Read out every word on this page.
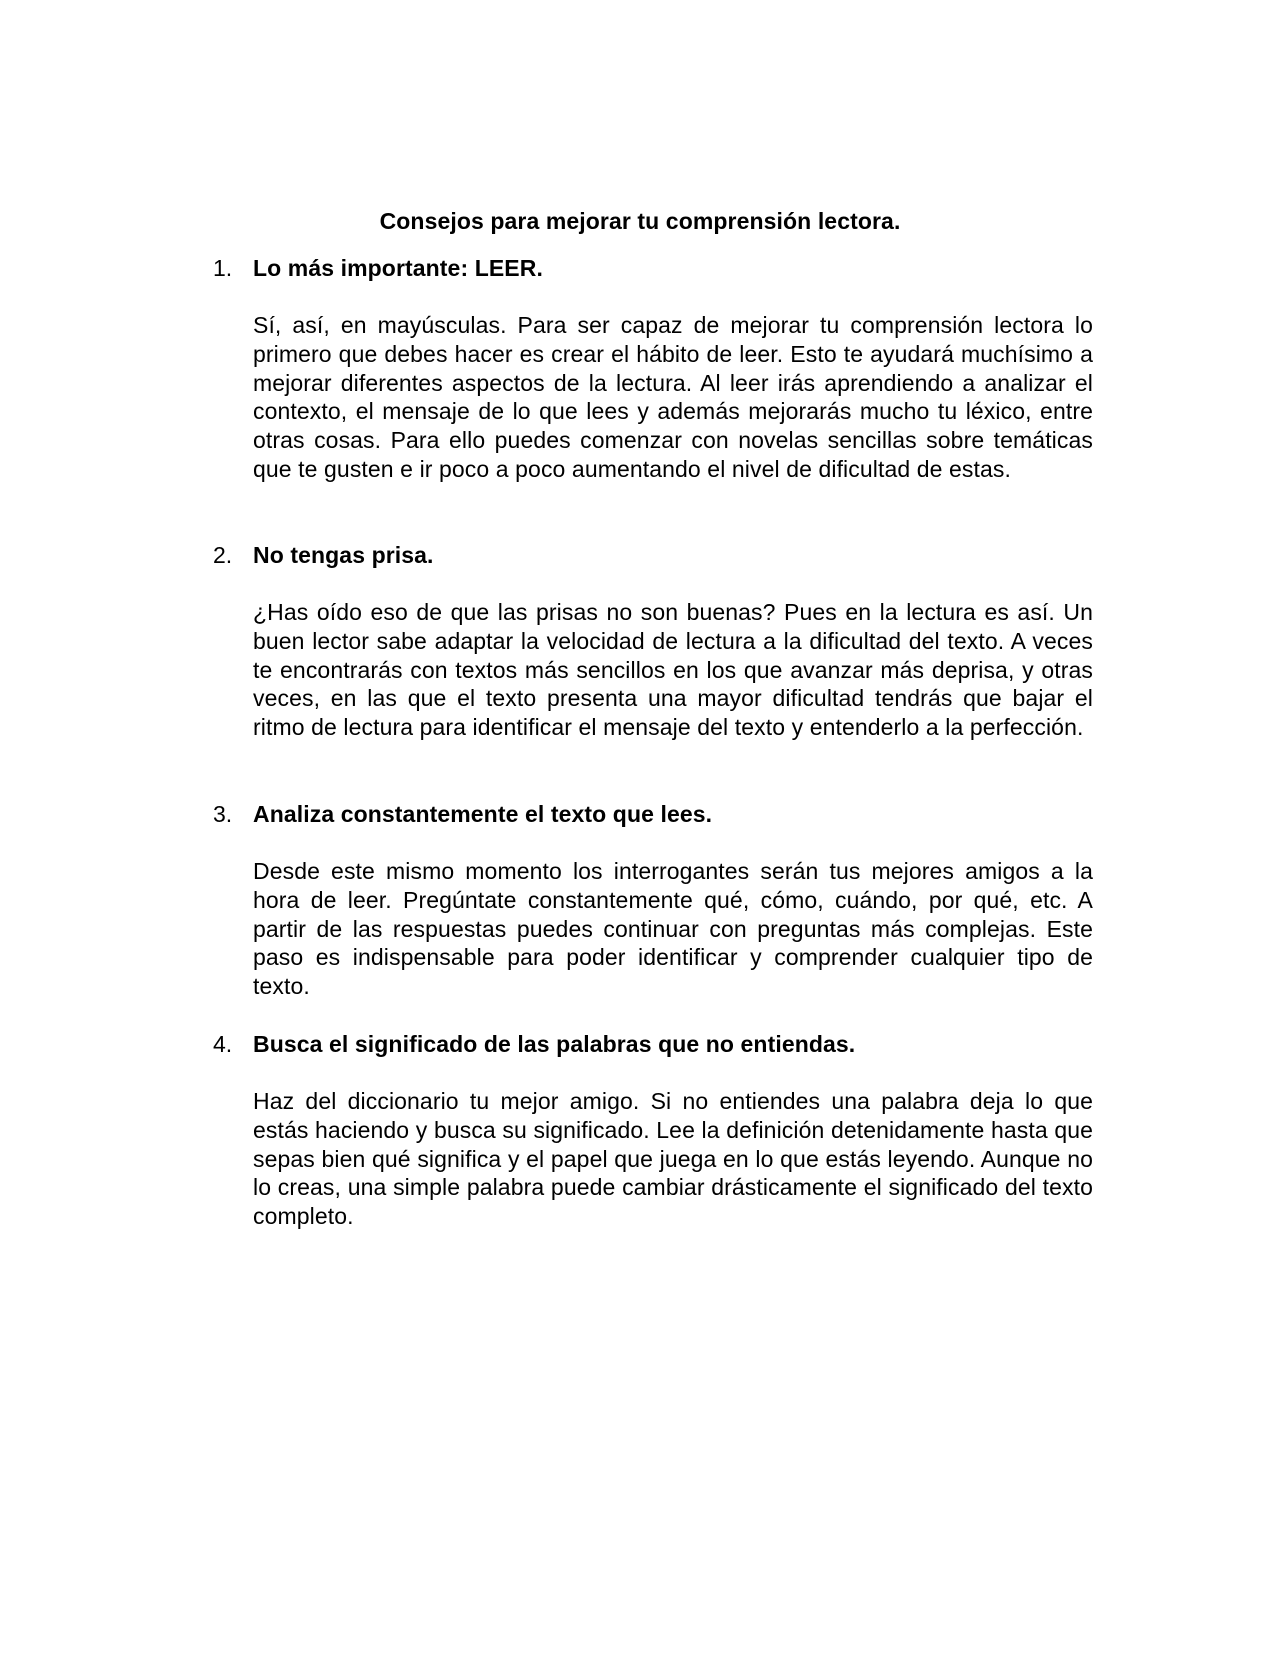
Consejos para mejorar tu comprensión lectora.
1. Lo más importante: LEER.
Sí, así, en mayúsculas. Para ser capaz de mejorar tu comprensión lectora lo primero que debes hacer es crear el hábito de leer. Esto te ayudará muchísimo a mejorar diferentes aspectos de la lectura. Al leer irás aprendiendo a analizar el contexto, el mensaje de lo que lees y además mejorarás mucho tu léxico, entre otras cosas. Para ello puedes comenzar con novelas sencillas sobre temáticas que te gusten e ir poco a poco aumentando el nivel de dificultad de estas.
2. No tengas prisa.
¿Has oído eso de que las prisas no son buenas? Pues en la lectura es así. Un buen lector sabe adaptar la velocidad de lectura a la dificultad del texto. A veces te encontrarás con textos más sencillos en los que avanzar más deprisa, y otras veces, en las que el texto presenta una mayor dificultad tendrás que bajar el ritmo de lectura para identificar el mensaje del texto y entenderlo a la perfección.
3. Analiza constantemente el texto que lees.
Desde este mismo momento los interrogantes serán tus mejores amigos a la hora de leer. Pregúntate constantemente qué, cómo, cuándo, por qué, etc. A partir de las respuestas puedes continuar con preguntas más complejas. Este paso es indispensable para poder identificar y comprender cualquier tipo de texto.
4. Busca el significado de las palabras que no entiendas.
Haz del diccionario tu mejor amigo. Si no entiendes una palabra deja lo que estás haciendo y busca su significado. Lee la definición detenidamente hasta que sepas bien qué significa y el papel que juega en lo que estás leyendo. Aunque no lo creas, una simple palabra puede cambiar drásticamente el significado del texto completo.
